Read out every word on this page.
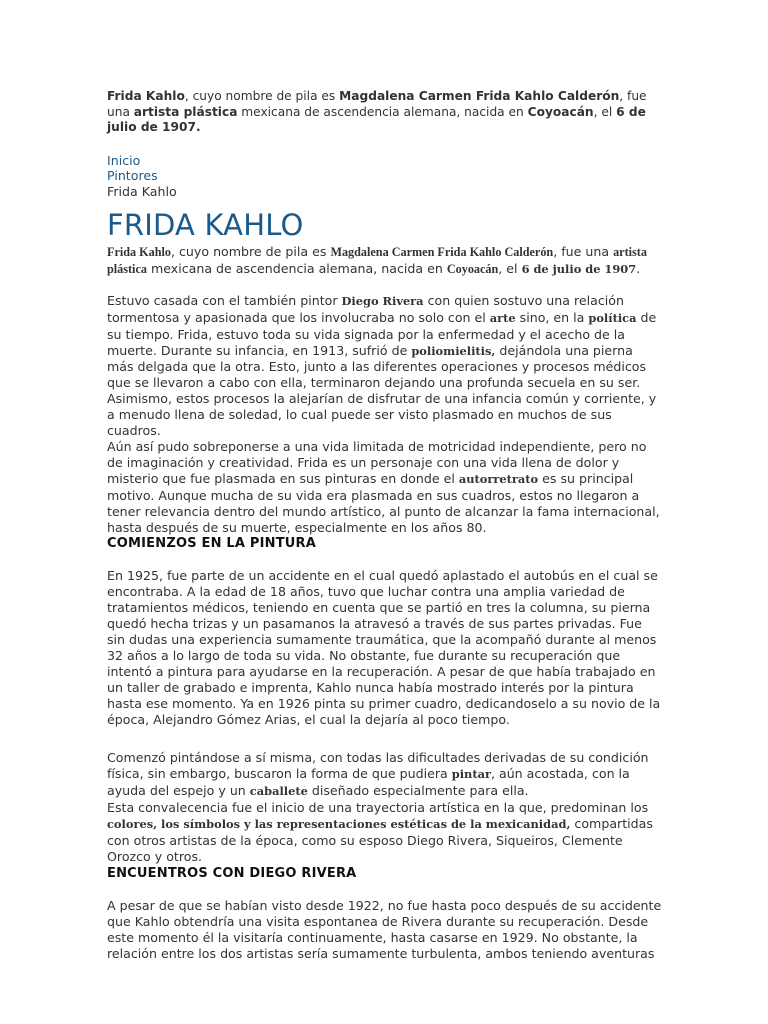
Frida Kahlo, cuyo nombre de pila es Magdalena Carmen Frida Kahlo Calderón, fue una artista plástica mexicana de ascendencia alemana, nacida en Coyoacán, el 6 de julio de 1907.

Inicio
Pintores
Frida Kahlo
FRIDA KAHLO

Frida Kahlo, cuyo nombre de pila es Magdalena Carmen Frida Kahlo Calderón, fue una artista plástica mexicana de ascendencia alemana, nacida en Coyoacán, el 6 de julio de 1907.

Estuvo casada con el también pintor Diego Rivera con quien sostuvo una relación tormentosa y apasionada que los involucraba no solo con el arte sino, en la política de su tiempo. Frida, estuvo toda su vida signada por la enfermedad y el acecho de la muerte. Durante su infancia, en 1913, sufrió de poliomielitis, dejándola una pierna más delgada que la otra. Esto, junto a las diferentes operaciones y procesos médicos que se llevaron a cabo con ella, terminaron dejando una profunda secuela en su ser. Asimismo, estos procesos la alejarían de disfrutar de una infancia común y corriente, y a menudo llena de soledad, lo cual puede ser visto plasmado en muchos de sus cuadros.

Aún así pudo sobreponerse a una vida limitada de motricidad independiente, pero no de imaginación y creatividad. Frida es un personaje con una vida llena de dolor y misterio que fue plasmada en sus pinturas en donde el autorretrato es su principal motivo. Aunque mucha de su vida era plasmada en sus cuadros, estos no llegaron a tener relevancia dentro del mundo artístico, al punto de alcanzar la fama internacional, hasta después de su muerte, especialmente en los años 80.

COMIENZOS EN LA PINTURA

En 1925, fue parte de un accidente en el cual quedó aplastado el autobús en el cual se encontraba. A la edad de 18 años, tuvo que luchar contra una amplia variedad de tratamientos médicos, teniendo en cuenta que se partió en tres la columna, su pierna quedó hecha trizas y un pasamanos la atravesó a través de sus partes privadas. Fue sin dudas una experiencia sumamente traumática, que la acompañó durante al menos 32 años a lo largo de toda su vida. No obstante, fue durante su recuperación que intentó a pintura para ayudarse en la recuperación. A pesar de que había trabajado en un taller de grabado e imprenta, Kahlo nunca había mostrado interés por la pintura hasta ese momento. Ya en 1926 pinta su primer cuadro, dedicandoselo a su novio de la época, Alejandro Gómez Arias, el cual la dejaría al poco tiempo.

Comenzó pintándose a sí misma, con todas las dificultades derivadas de su condición física, sin embargo, buscaron la forma de que pudiera pintar, aún acostada, con la ayuda del espejo y un caballete diseñado especialmente para ella.

Esta convalecencia fue el inicio de una trayectoria artística en la que, predominan los colores, los símbolos y las representaciones estéticas de la mexicanidad, compartidas con otros artistas de la época, como su esposo Diego Rivera, Siqueiros, Clemente Orozco y otros.

ENCUENTROS CON DIEGO RIVERA

A pesar de que se habían visto desde 1922, no fue hasta poco después de su accidente que Kahlo obtendría una visita espontanea de Rivera durante su recuperación. Desde este momento él la visitaría continuamente, hasta casarse en 1929. No obstante, la relación entre los dos artistas sería sumamente turbulenta, ambos teniendo aventuras
